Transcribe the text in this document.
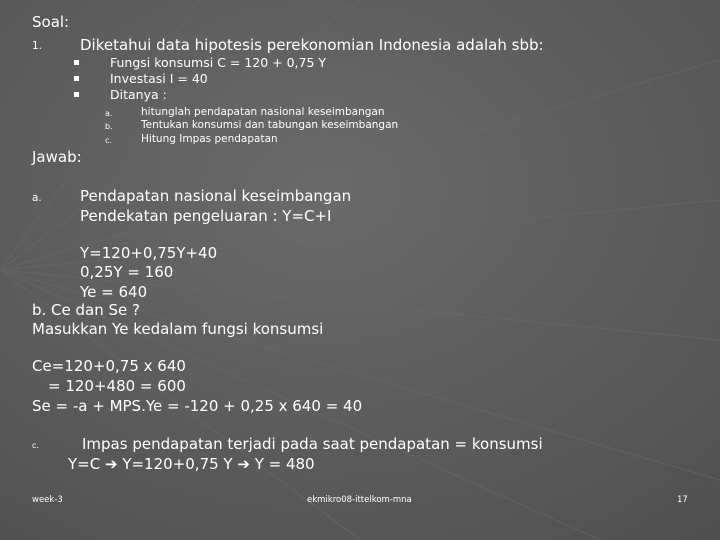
Soal:
1.	Diketahui data hipotesis perekonomian Indonesia adalah sbb:
Fungsi konsumsi C = 120 + 0,75 Y
Investasi I = 40
Ditanya :
a.	hitunglah pendapatan nasional keseimbangan
b.	Tentukan konsumsi dan tabungan keseimbangan
c.	Hitung Impas pendapatan
Jawab:
a.	Pendapatan nasional keseimbangan
Pendekatan pengeluaran : Y=C+I
Y=120+0,75Y+40
0,25Y = 160
Ye = 640
b. Ce dan Se ?
Masukkan Ye kedalam fungsi konsumsi
Ce=120+0,75 x 640
= 120+480 = 600
Se = -a + MPS.Ye = -120 + 0,25 x 640 = 40
c.	Impas pendapatan terjadi pada saat pendapatan = konsumsi
Y=C ➔ Y=120+0,75 Y ➔ Y = 480
week-3	ekmikro08-ittelkom-mna	17
